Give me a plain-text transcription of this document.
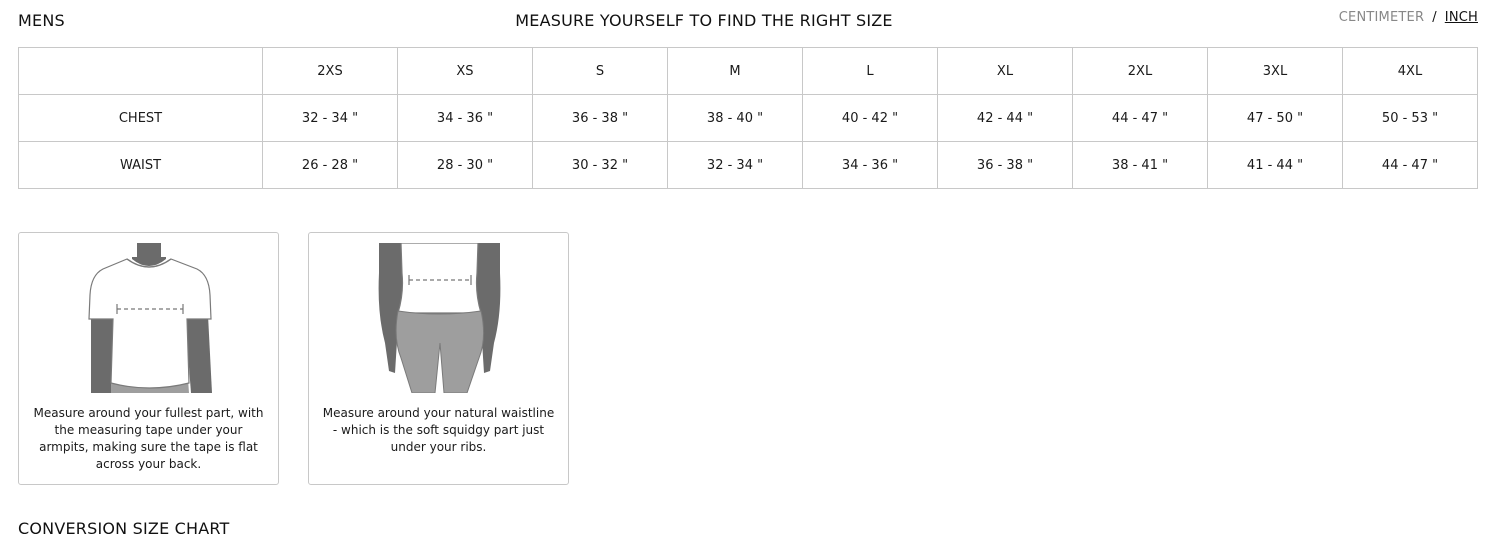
MENS	MEASURE YOURSELF TO FIND THE RIGHT SIZE	CENTIMETER / INCH
	2XS	XS	S	M	L	XL	2XL	3XL	4XL
CHEST	32 - 34 "	34 - 36 "	36 - 38 "	38 - 40 "	40 - 42 "	42 - 44 "	44 - 47 "	47 - 50 "	50 - 53 "
WAIST	26 - 28 "	28 - 30 "	30 - 32 "	32 - 34 "	34 - 36 "	36 - 38 "	38 - 41 "	41 - 44 "	44 - 47 "
Measure around your fullest part, with the measuring tape under your armpits, making sure the tape is flat across your back.
Measure around your natural waistline - which is the soft squidgy part just under your ribs.
CONVERSION SIZE CHART
